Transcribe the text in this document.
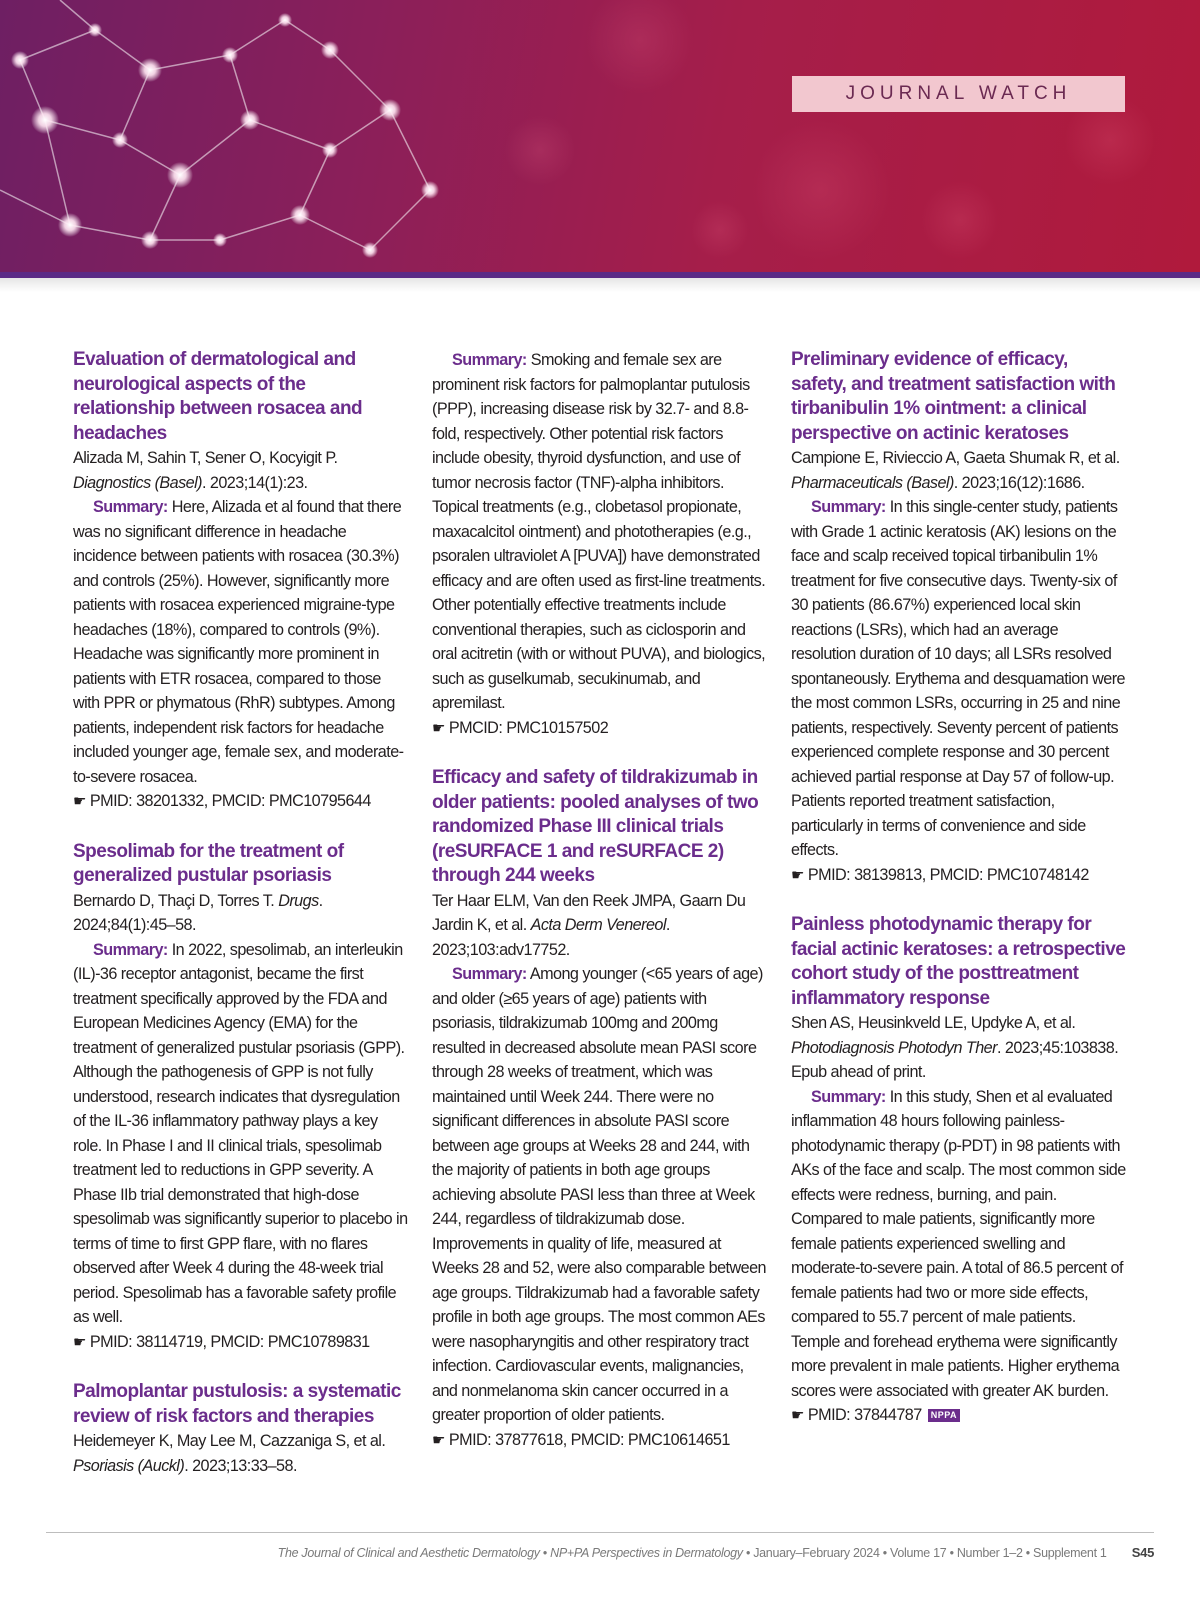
JOURNAL WATCH
Evaluation of dermatological and neurological aspects of the relationship between rosacea and headaches

Alizada M, Sahin T, Sener O, Kocyigit P.

Diagnostics (Basel). 2023;14(1):23.

Summary: Here, Alizada et al found that there was no significant difference in headache incidence between patients with rosacea (30.3%) and controls (25%). However, significantly more patients with rosacea experienced migraine-type headaches (18%), compared to controls (9%). Headache was significantly more prominent in patients with ETR rosacea, compared to those with PPR or phymatous (RhR) subtypes. Among patients, independent risk factors for headache included younger age, female sex, and moderate-to-severe rosacea.

☛ PMID: 38201332, PMCID: PMC10795644

Spesolimab for the treatment of generalized pustular psoriasis

Bernardo D, Thaçi D, Torres T. Drugs. 2024;84(1):45–58.

Summary: In 2022, spesolimab, an interleukin (IL)-36 receptor antagonist, became the first treatment specifically approved by the FDA and European Medicines Agency (EMA) for the treatment of generalized pustular psoriasis (GPP). Although the pathogenesis of GPP is not fully understood, research indicates that dysregulation of the IL-36 inflammatory pathway plays a key role. In Phase I and II clinical trials, spesolimab treatment led to reductions in GPP severity. A Phase IIb trial demonstrated that high-dose spesolimab was significantly superior to placebo in terms of time to first GPP flare, with no flares observed after Week 4 during the 48-week trial period. Spesolimab has a favorable safety profile as well.

☛ PMID: 38114719, PMCID: PMC10789831

Palmoplantar pustulosis: a systematic review of risk factors and therapies

Heidemeyer K, May Lee M, Cazzaniga S, et al.

Psoriasis (Auckl). 2023;13:33–58.

Summary: Smoking and female sex are prominent risk factors for palmoplantar putulosis (PPP), increasing disease risk by 32.7- and 8.8-fold, respectively. Other potential risk factors include obesity, thyroid dysfunction, and use of tumor necrosis factor (TNF)-alpha inhibitors. Topical treatments (e.g., clobetasol propionate, maxacalcitol ointment) and phototherapies (e.g., psoralen ultraviolet A [PUVA]) have demonstrated efficacy and are often used as first-line treatments. Other potentially effective treatments include conventional therapies, such as ciclosporin and oral acitretin (with or without PUVA), and biologics, such as guselkumab, secukinumab, and apremilast.

☛ PMCID: PMC10157502

Efficacy and safety of tildrakizumab in older patients: pooled analyses of two randomized Phase III clinical trials (reSURFACE 1 and reSURFACE 2) through 244 weeks

Ter Haar ELM, Van den Reek JMPA, Gaarn Du Jardin K, et al. Acta Derm Venereol. 2023;103:adv17752.

Summary: Among younger (<65 years of age) and older (≥65 years of age) patients with psoriasis, tildrakizumab 100mg and 200mg resulted in decreased absolute mean PASI score through 28 weeks of treatment, which was maintained until Week 244. There were no significant differences in absolute PASI score between age groups at Weeks 28 and 244, with the majority of patients in both age groups achieving absolute PASI less than three at Week 244, regardless of tildrakizumab dose. Improvements in quality of life, measured at Weeks 28 and 52, were also comparable between age groups. Tildrakizumab had a favorable safety profile in both age groups. The most common AEs were nasopharyngitis and other respiratory tract infection. Cardiovascular events, malignancies, and nonmelanoma skin cancer occurred in a greater proportion of older patients.

☛ PMID: 37877618, PMCID: PMC10614651

Preliminary evidence of efficacy, safety, and treatment satisfaction with tirbanibulin 1% ointment: a clinical perspective on actinic keratoses

Campione E, Rivieccio A, Gaeta Shumak R, et al.

Pharmaceuticals (Basel). 2023;16(12):1686.

Summary: In this single-center study, patients with Grade 1 actinic keratosis (AK) lesions on the face and scalp received topical tirbanibulin 1% treatment for five consecutive days. Twenty-six of 30 patients (86.67%) experienced local skin reactions (LSRs), which had an average resolution duration of 10 days; all LSRs resolved spontaneously. Erythema and desquamation were the most common LSRs, occurring in 25 and nine patients, respectively. Seventy percent of patients experienced complete response and 30 percent achieved partial response at Day 57 of follow-up. Patients reported treatment satisfaction, particularly in terms of convenience and side effects.

☛ PMID: 38139813, PMCID: PMC10748142

Painless photodynamic therapy for facial actinic keratoses: a retrospective cohort study of the posttreatment inflammatory response

Shen AS, Heusinkveld LE, Updyke A, et al.

Photodiagnosis Photodyn Ther. 2023;45:103838. Epub ahead of print.

Summary: In this study, Shen et al evaluated inflammation 48 hours following painless-photodynamic therapy (p-PDT) in 98 patients with AKs of the face and scalp. The most common side effects were redness, burning, and pain. Compared to male patients, significantly more female patients experienced swelling and moderate-to-severe pain. A total of 86.5 percent of female patients had two or more side effects, compared to 55.7 percent of male patients. Temple and forehead erythema were significantly more prevalent in male patients. Higher erythema scores were associated with greater AK burden.

☛ PMID: 37844787 NPPA

The Journal of Clinical and Aesthetic Dermatology • NP+PA Perspectives in Dermatology • January–February 2024 • Volume 17 • Number 1–2 • Supplement 1 S45
